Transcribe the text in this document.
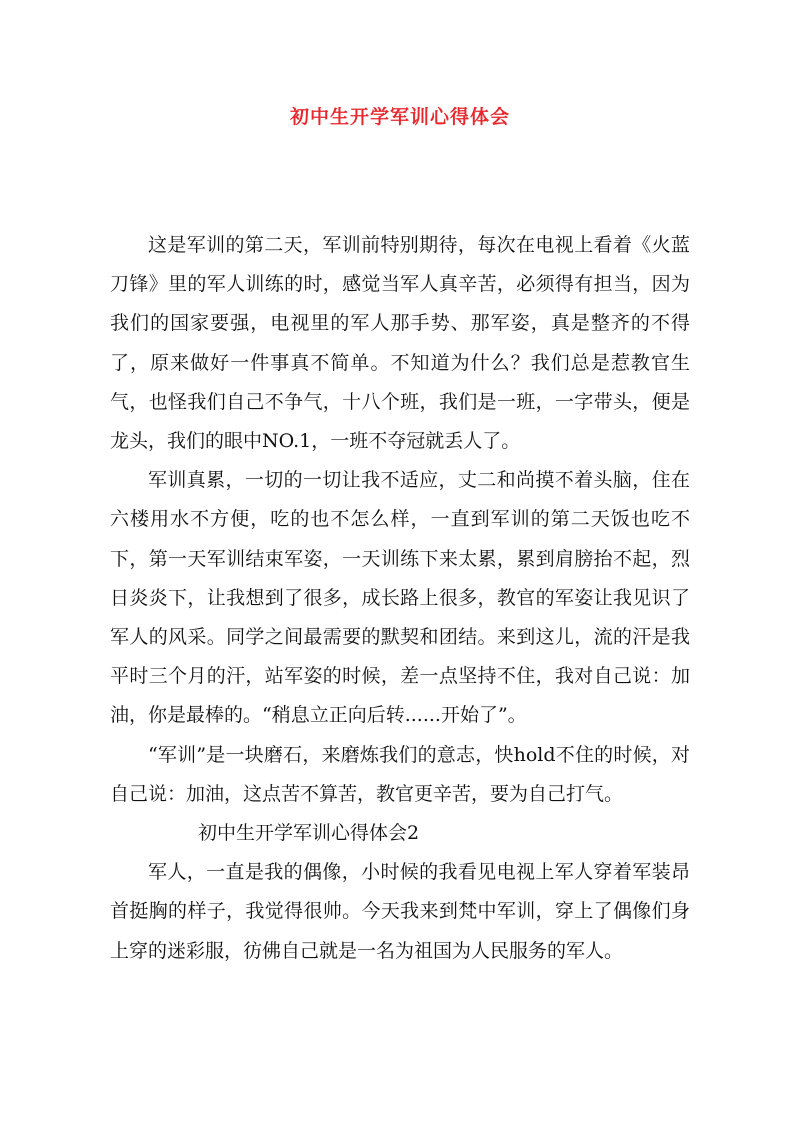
初中生开学军训心得体会

这是军训的第二天，军训前特别期待，每次在电视上看着《火蓝刀锋》里的军人训练的时，感觉当军人真辛苦，必须得有担当，因为我们的国家要强，电视里的军人那手势、那军姿，真是整齐的不得了，原来做好一件事真不简单。不知道为什么？我们总是惹教官生气，也怪我们自己不争气，十八个班，我们是一班，一字带头，便是龙头，我们的眼中NO.1，一班不夺冠就丢人了。

军训真累，一切的一切让我不适应，丈二和尚摸不着头脑，住在六楼用水不方便，吃的也不怎么样，一直到军训的第二天饭也吃不下，第一天军训结束军姿，一天训练下来太累，累到肩膀抬不起，烈日炎炎下，让我想到了很多，成长路上很多，教官的军姿让我见识了军人的风采。同学之间最需要的默契和团结。来到这儿，流的汗是我平时三个月的汗，站军姿的时候，差一点坚持不住，我对自己说：加油，你是最棒的。“稍息立正向后转......开始了”。

“军训”是一块磨石，来磨炼我们的意志，快hold不住的时候，对自己说：加油，这点苦不算苦，教官更辛苦，要为自己打气。

初中生开学军训心得体会2

军人，一直是我的偶像，小时候的我看见电视上军人穿着军装昂首挺胸的样子，我觉得很帅。今天我来到梵中军训，穿上了偶像们身上穿的迷彩服，彷佛自己就是一名为祖国为人民服务的军人。
